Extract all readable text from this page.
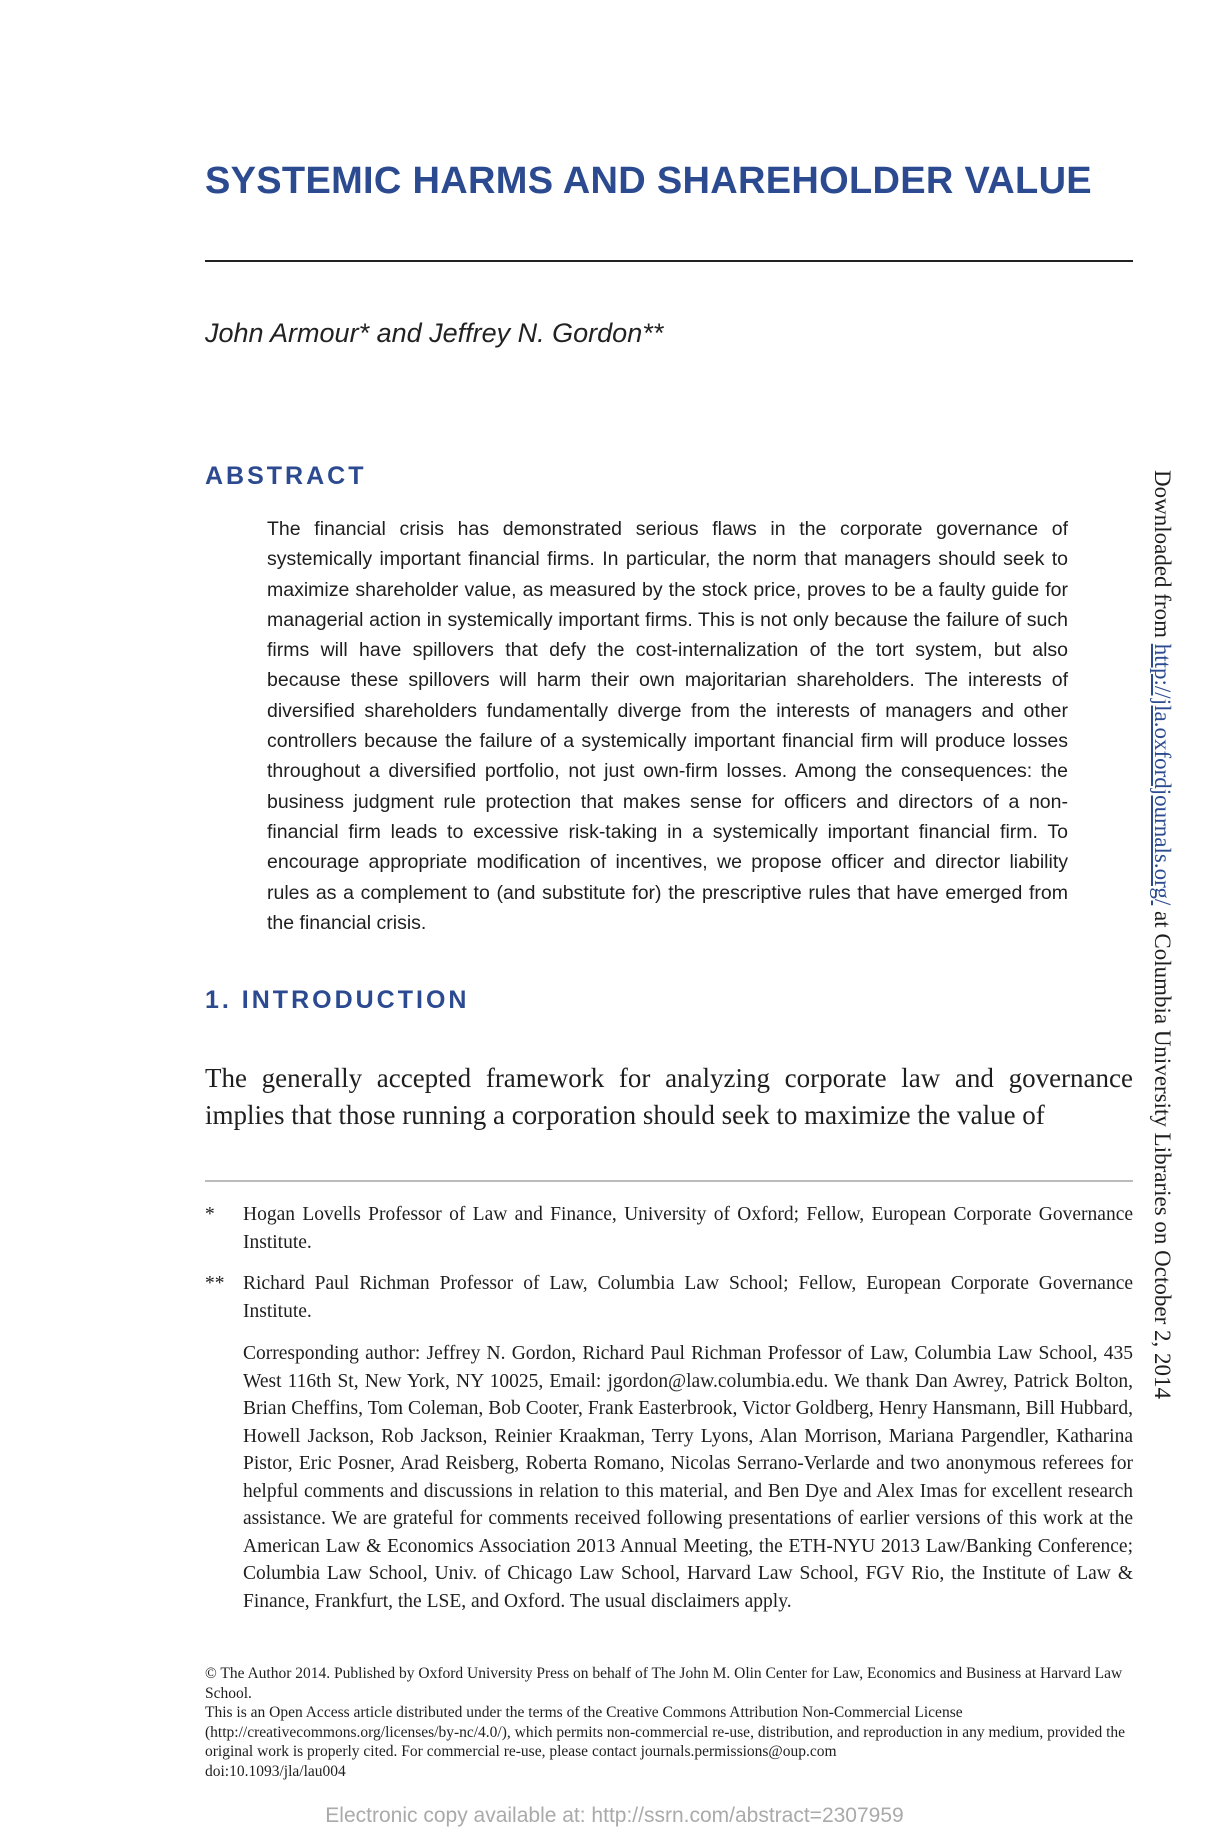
SYSTEMIC HARMS AND SHAREHOLDER VALUE
John Armour* and Jeffrey N. Gordon**
ABSTRACT

The financial crisis has demonstrated serious flaws in the corporate governance of systemically important financial firms. In particular, the norm that managers should seek to maximize shareholder value, as measured by the stock price, proves to be a faulty guide for managerial action in systemically important firms. This is not only because the failure of such firms will have spillovers that defy the cost-internalization of the tort system, but also because these spillovers will harm their own majoritarian shareholders. The interests of diversified shareholders fundamentally diverge from the interests of managers and other controllers because the failure of a systemically important financial firm will produce losses throughout a diversified portfolio, not just own-firm losses. Among the consequences: the business judgment rule protection that makes sense for officers and directors of a non-financial firm leads to excessive risk-taking in a systemically important financial firm. To encourage appropriate modification of incentives, we propose officer and director liability rules as a complement to (and substitute for) the prescriptive rules that have emerged from the financial crisis.

1. INTRODUCTION

The generally accepted framework for analyzing corporate law and governance implies that those running a corporation should seek to maximize the value of

*	Hogan Lovells Professor of Law and Finance, University of Oxford; Fellow, European Corporate Governance Institute.
** Richard Paul Richman Professor of Law, Columbia Law School; Fellow, European Corporate Governance Institute.
Corresponding author: Jeffrey N. Gordon, Richard Paul Richman Professor of Law, Columbia Law School, 435 West 116th St, New York, NY 10025, Email: jgordon@law.columbia.edu. We thank Dan Awrey, Patrick Bolton, Brian Cheffins, Tom Coleman, Bob Cooter, Frank Easterbrook, Victor Goldberg, Henry Hansmann, Bill Hubbard, Howell Jackson, Rob Jackson, Reinier Kraakman, Terry Lyons, Alan Morrison, Mariana Pargendler, Katharina Pistor, Eric Posner, Arad Reisberg, Roberta Romano, Nicolas Serrano-Verlarde and two anonymous referees for helpful comments and discussions in relation to this material, and Ben Dye and Alex Imas for excellent research assistance. We are grateful for comments received following presentations of earlier versions of this work at the American Law & Economics Association 2013 Annual Meeting, the ETH-NYU 2013 Law/Banking Conference; Columbia Law School, Univ. of Chicago Law School, Harvard Law School, FGV Rio, the Institute of Law & Finance, Frankfurt, the LSE, and Oxford. The usual disclaimers apply.
© The Author 2014. Published by Oxford University Press on behalf of The John M. Olin Center for Law, Economics and Business at Harvard Law School.
This is an Open Access article distributed under the terms of the Creative Commons Attribution Non-Commercial License (http://creativecommons.org/licenses/by-nc/4.0/), which permits non-commercial re-use, distribution, and reproduction in any medium, provided the original work is properly cited. For commercial re-use, please contact journals.permissions@oup.com
doi:10.1093/jla/lau004
Downloaded from http://jla.oxfordjournals.org/ at Columbia University Libraries on October 2, 2014
Electronic copy available at: http://ssrn.com/abstract=2307959
